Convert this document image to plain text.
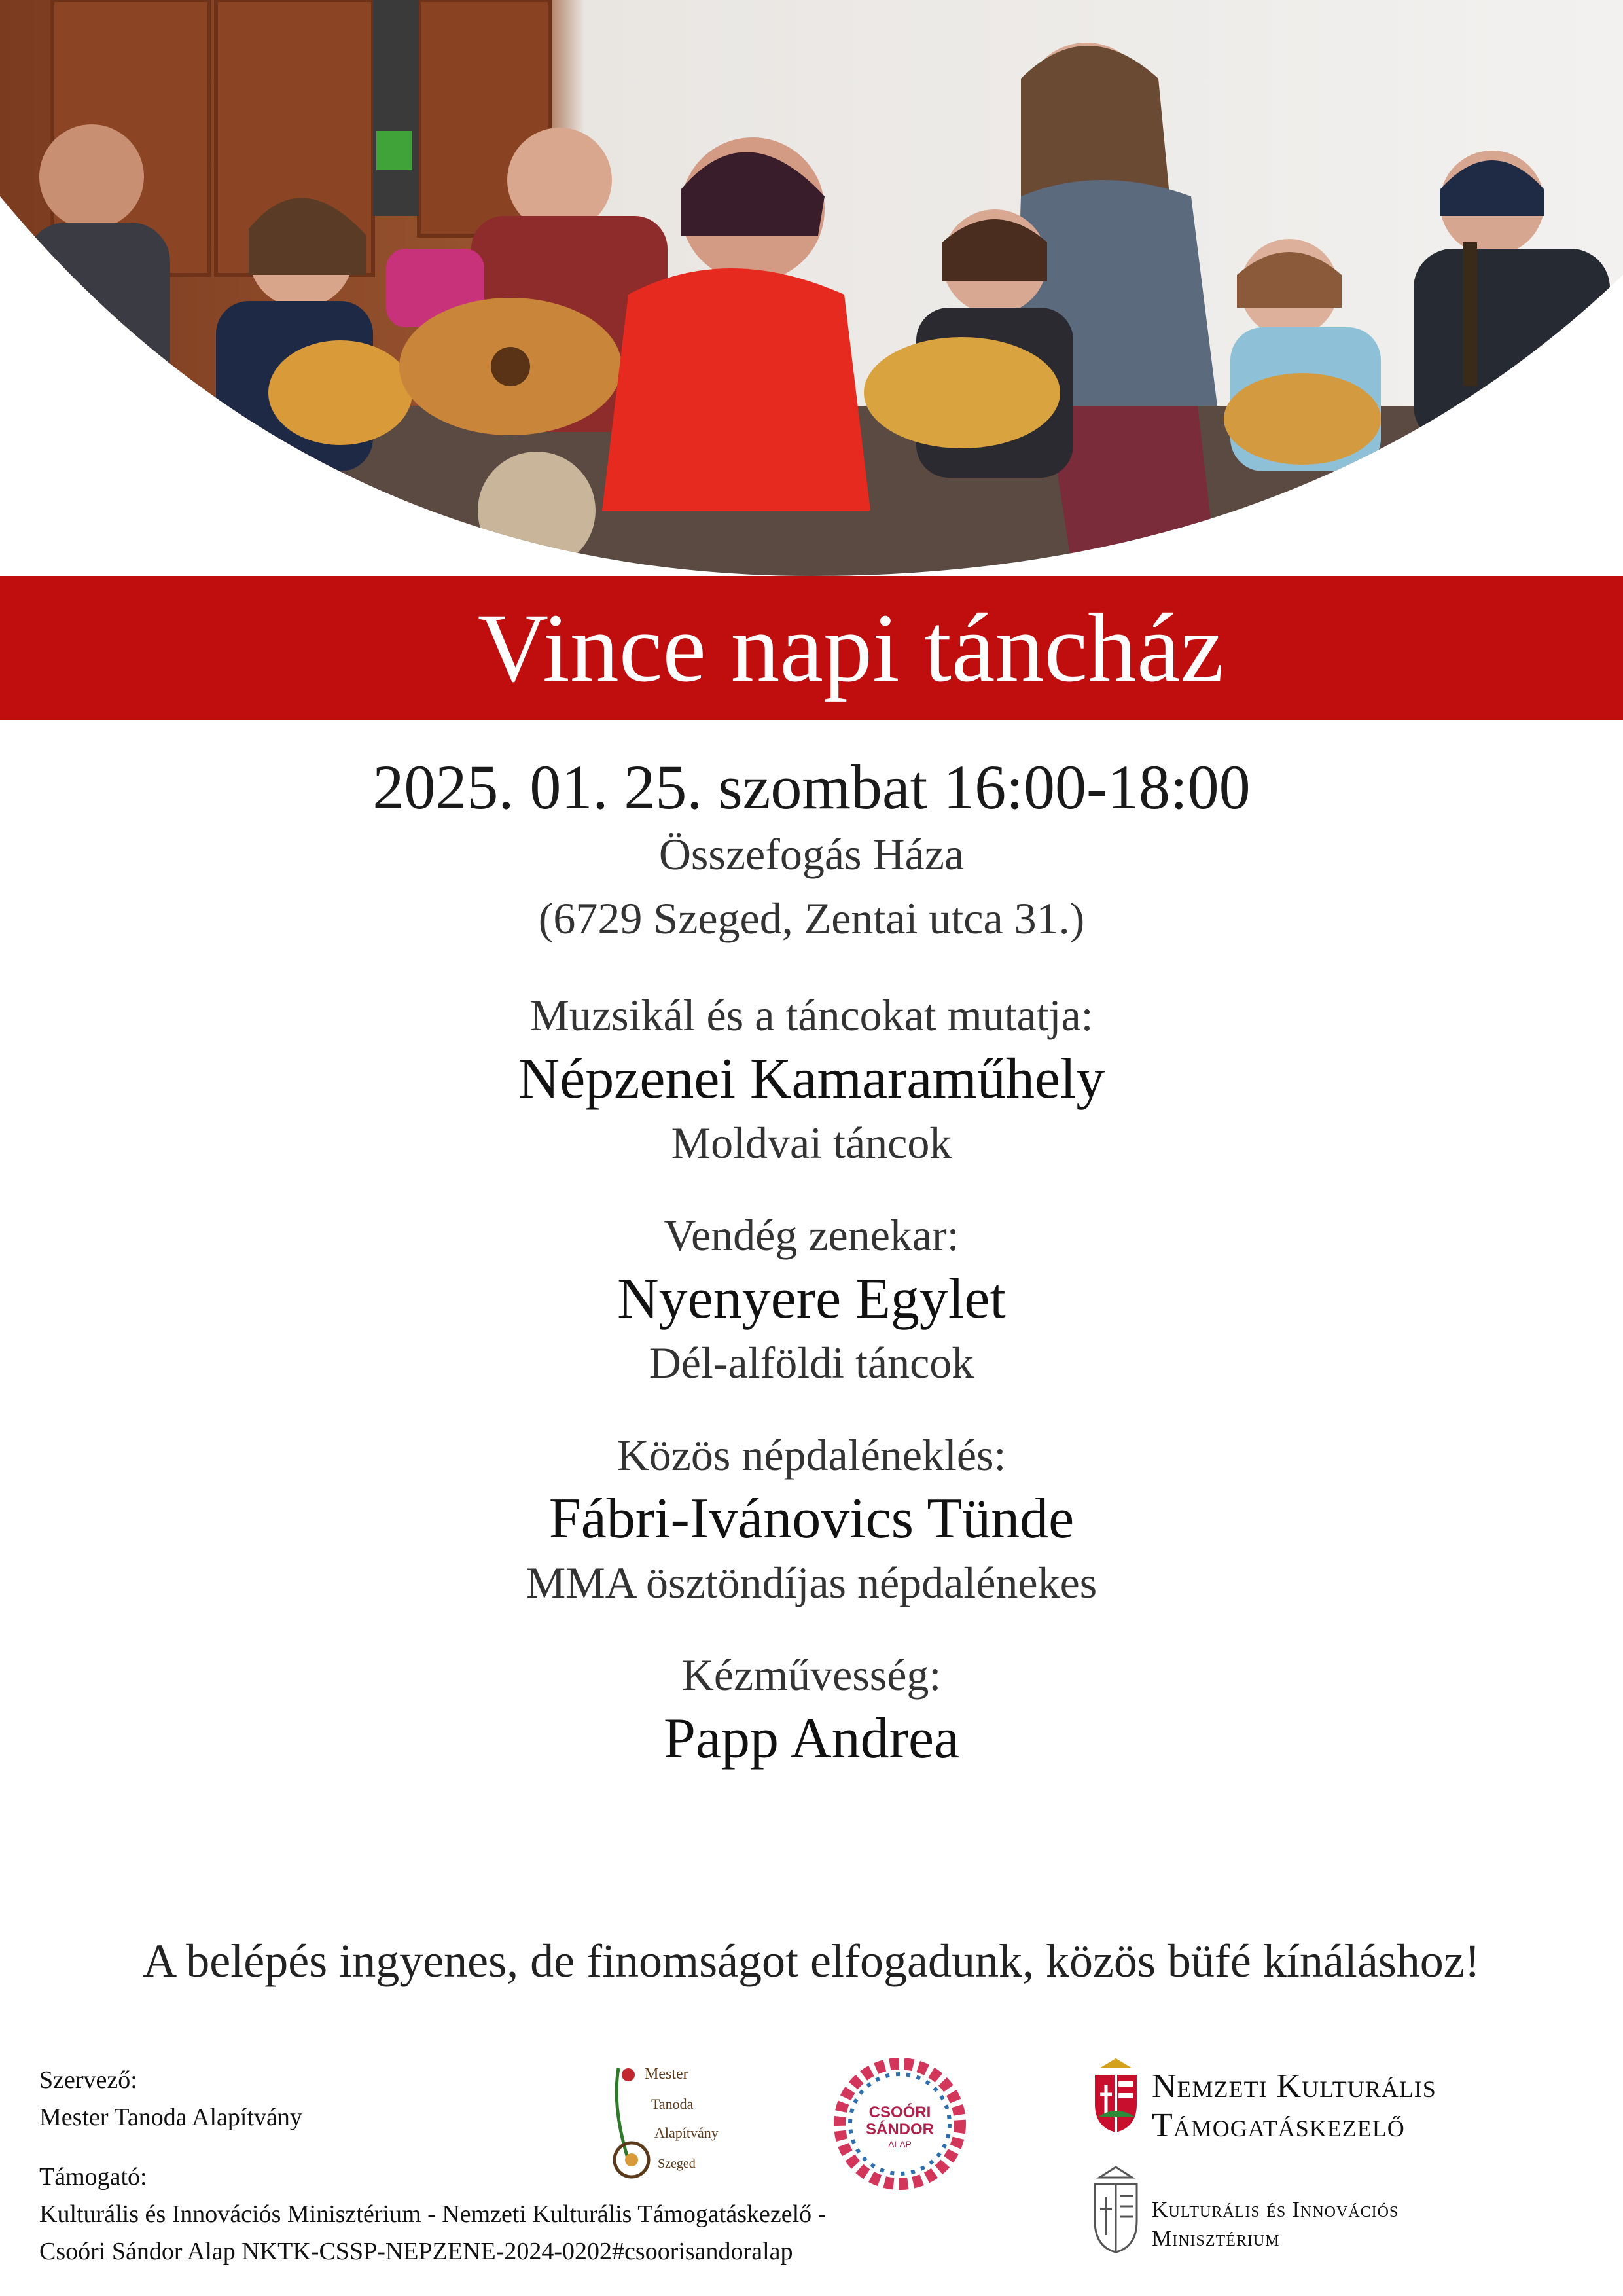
Vince napi táncház
2025. 01. 25. szombat 16:00-18:00
Összefogás Háza
(6729 Szeged, Zentai utca 31.)
Muzsikál és a táncokat mutatja:
Népzenei Kamaraműhely
Moldvai táncok
Vendég zenekar:
Nyenyere Egylet
Dél-alföldi táncok
Közös népdaléneklés:
Fábri-Ivánovics Tünde
MMA ösztöndíjas népdalénekes
Kézművesség:
Papp Andrea
A belépés ingyenes, de finomságot elfogadunk, közös büfé kínáláshoz!
Szervező:
Mester Tanoda Alapítvány
Támogató:
Kulturális és Innovációs Minisztérium - Nemzeti Kulturális Támogatáskezelő -
Csoóri Sándor Alap NKTK-CSSP-NEPZENE-2024-0202#csoorisandoralap
Mester
Tanoda
Alapítvány
Szeged
CSOÓRI
SÁNDOR
ALAP
Nemzeti Kulturális
Támogatáskezelő
Kulturális és Innovációs
Minisztérium
